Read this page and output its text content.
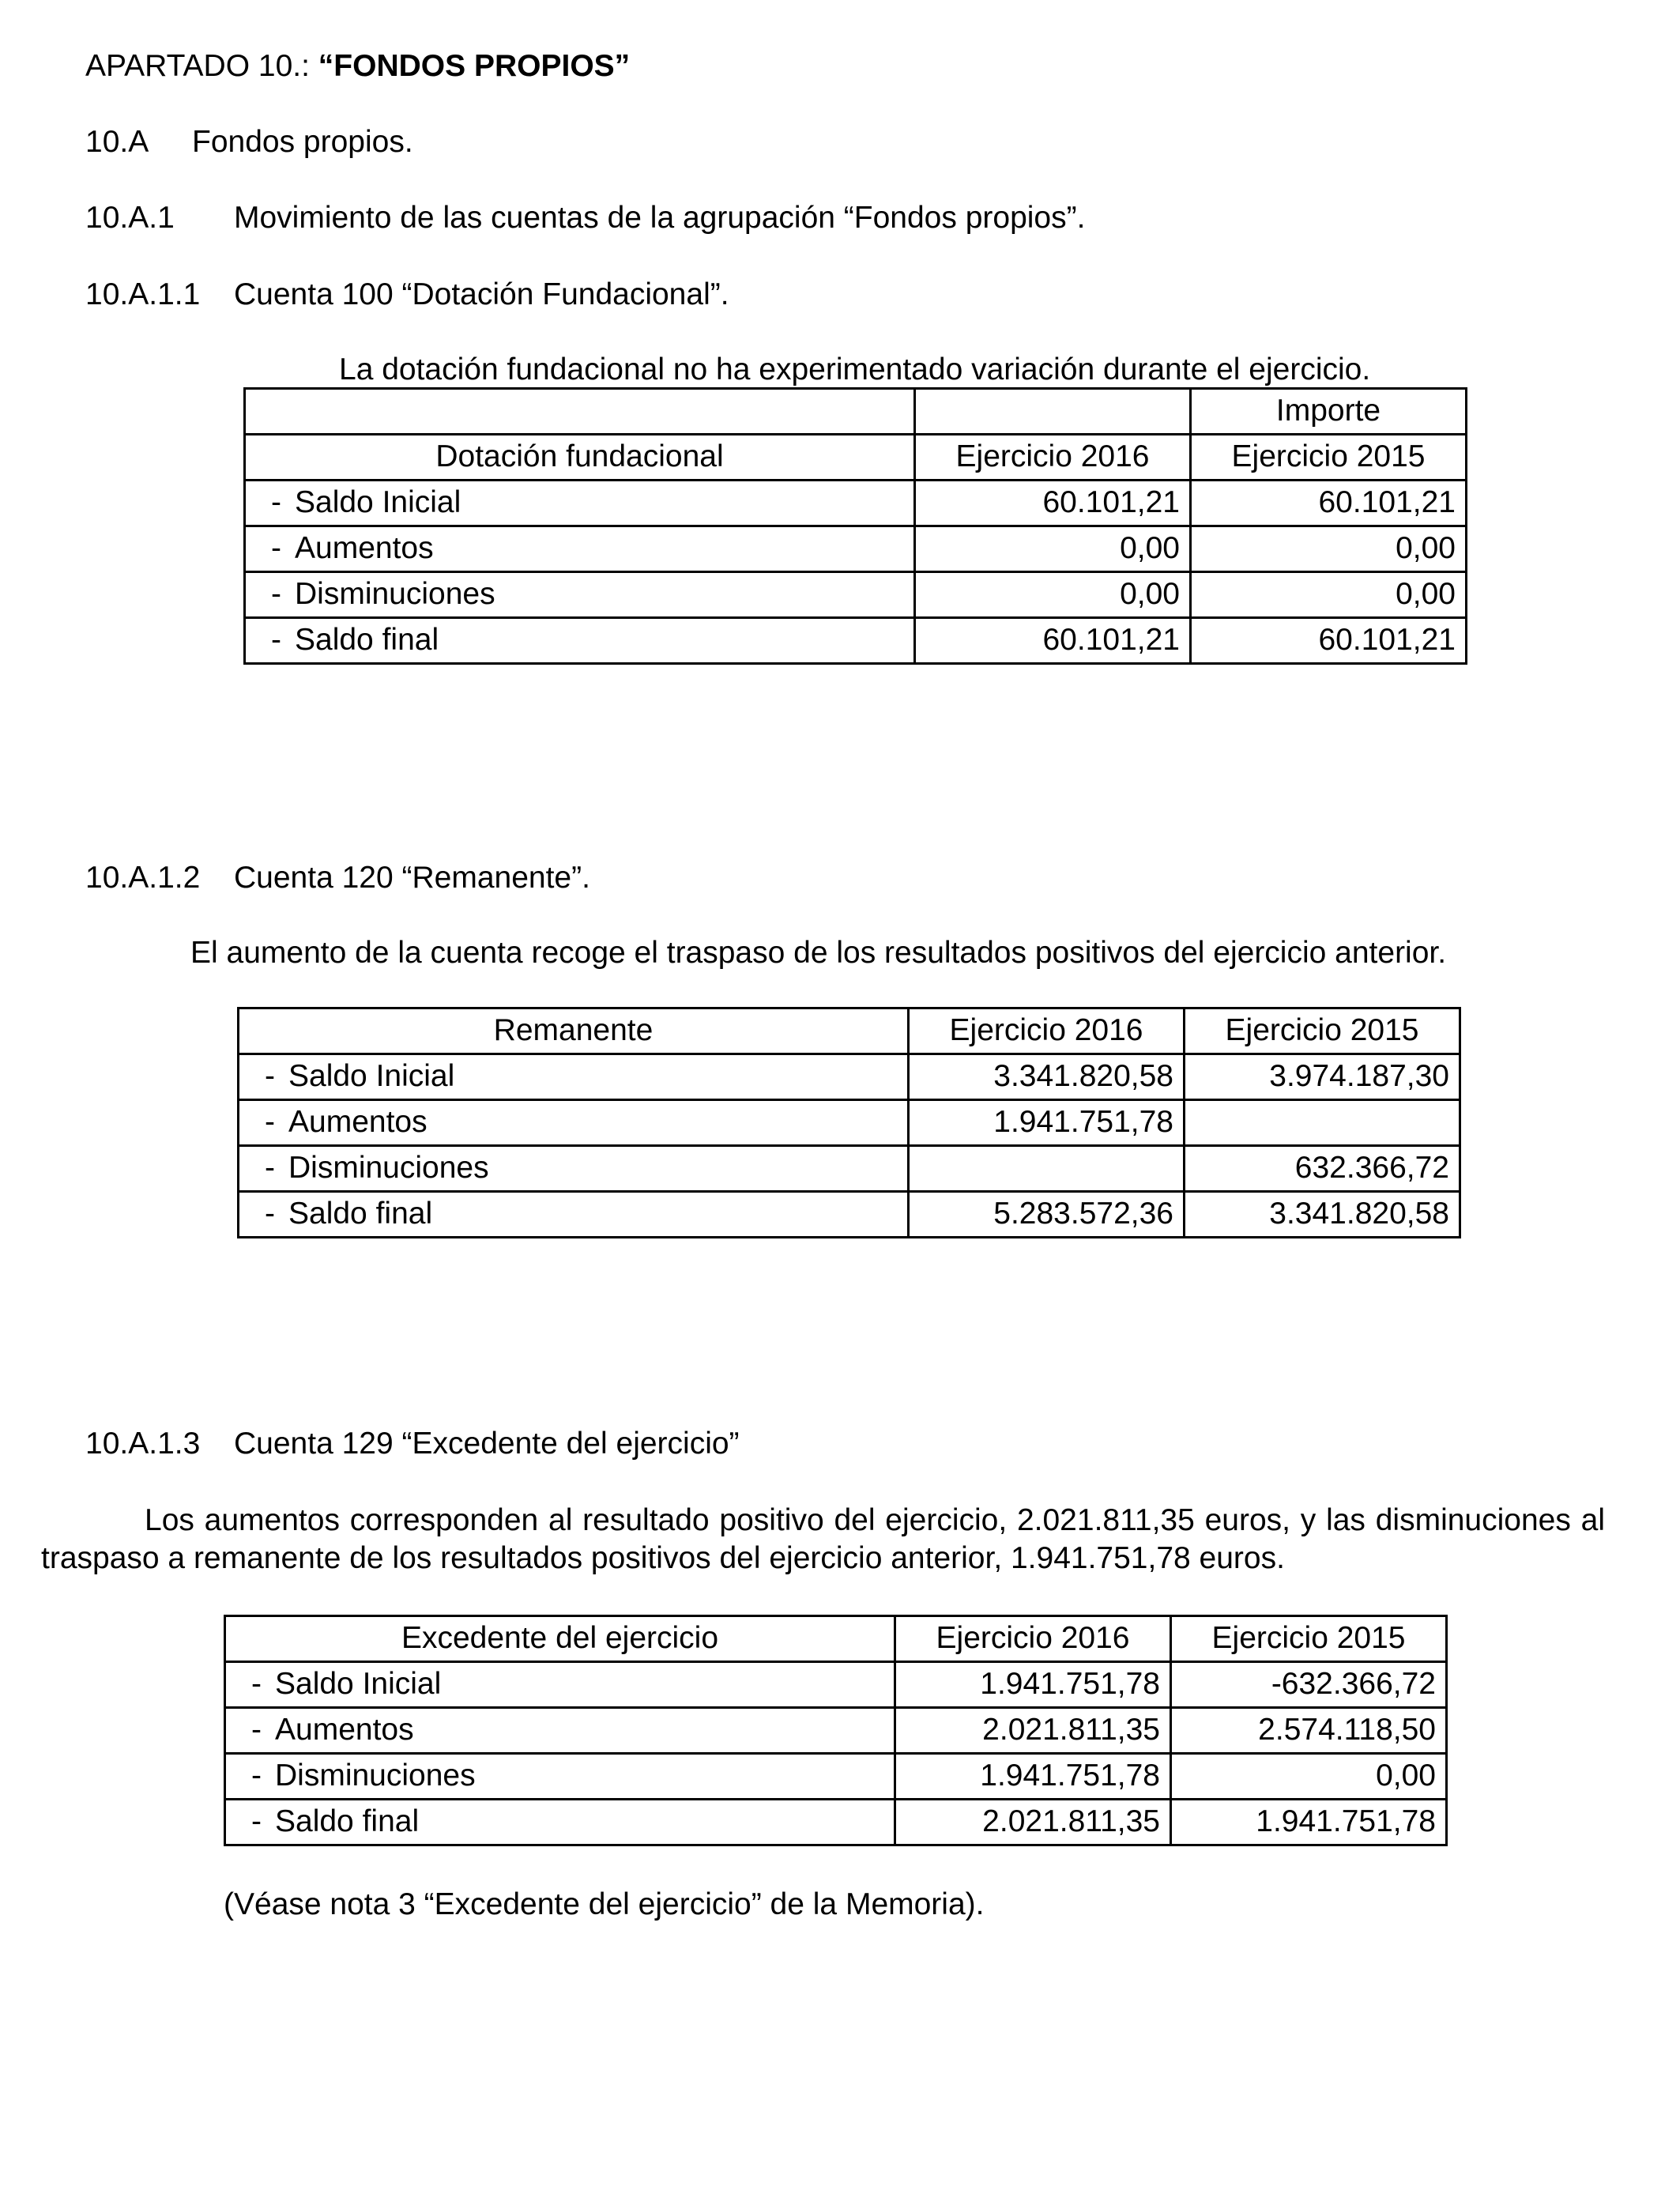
APARTADO 10.: “FONDOS PROPIOS”
10.A	Fondos propios.
10.A.1	Movimiento de las cuentas de la agrupación “Fondos propios”.
10.A.1.1	Cuenta 100 “Dotación Fundacional”.
La dotación fundacional no ha experimentado variación durante el ejercicio.
		Importe
Dotación fundacional	Ejercicio 2016	Ejercicio 2015
- Saldo Inicial	60.101,21	60.101,21
- Aumentos	0,00	0,00
- Disminuciones	0,00	0,00
- Saldo final	60.101,21	60.101,21
10.A.1.2	Cuenta 120 “Remanente”.
El aumento de la cuenta recoge el traspaso de los resultados positivos del ejercicio anterior.
Remanente	Ejercicio 2016	Ejercicio 2015
- Saldo Inicial	3.341.820,58	3.974.187,30
- Aumentos	1.941.751,78	
- Disminuciones		632.366,72
- Saldo final	5.283.572,36	3.341.820,58
10.A.1.3	Cuenta 129 “Excedente del ejercicio”
Los aumentos corresponden al resultado positivo del ejercicio, 2.021.811,35 euros, y las disminuciones al traspaso a remanente de los resultados positivos del ejercicio anterior, 1.941.751,78 euros.
Excedente del ejercicio	Ejercicio 2016	Ejercicio 2015
- Saldo Inicial	1.941.751,78	-632.366,72
- Aumentos	2.021.811,35	2.574.118,50
- Disminuciones	1.941.751,78	0,00
- Saldo final	2.021.811,35	1.941.751,78
(Véase nota 3 “Excedente del ejercicio” de la Memoria).
